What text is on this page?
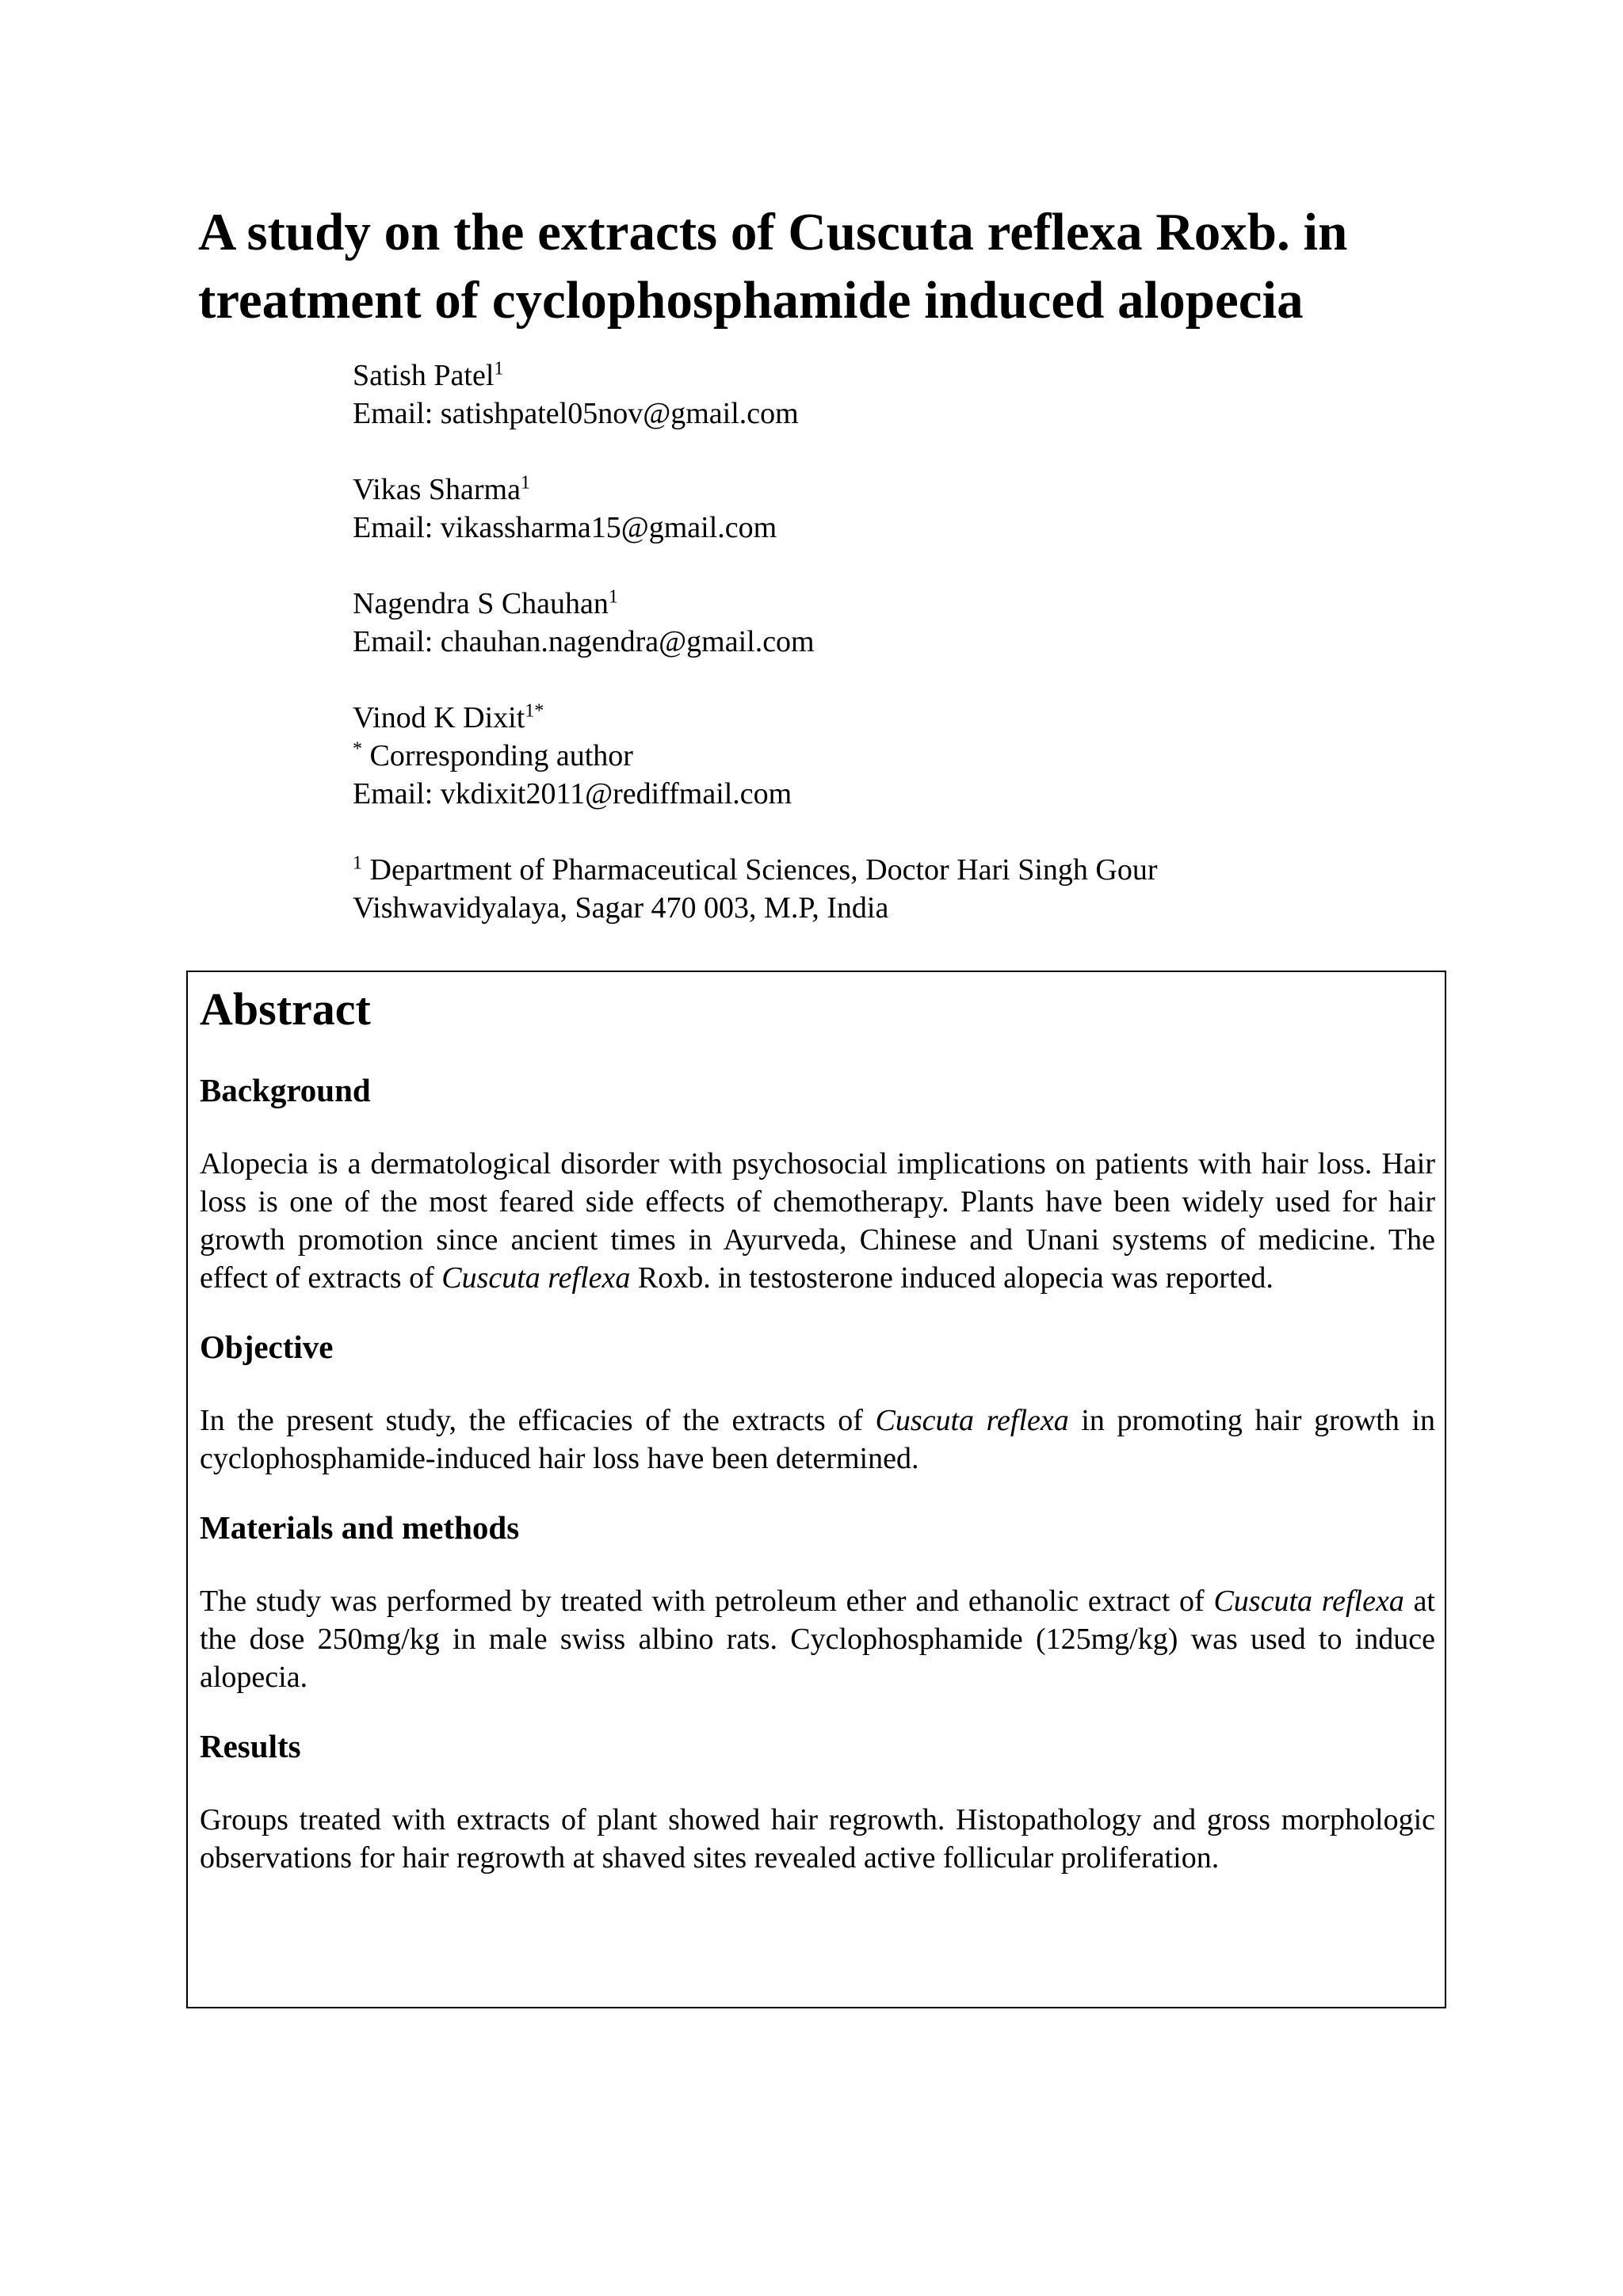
A study on the extracts of Cuscuta reflexa Roxb. in
treatment of cyclophosphamide induced alopecia
Satish Patel$^1$
Email: satishpatel05nov@gmail.com
Vikas Sharma$^1$
Email: vikassharma15@gmail.com
Nagendra S Chauhan$^1$
Email: chauhan.nagendra@gmail.com
Vinod K Dixit$^{1*}$
* Corresponding author
Email: vkdixit2011@rediffmail.com
$^1$ Department of Pharmaceutical Sciences, Doctor Hari Singh Gour
Vishwavidyalaya, Sagar 470 003, M.P, India
Abstract
Background

Alopecia is a dermatological disorder with psychosocial implications on patients with hair loss. Hair loss is one of the most feared side effects of chemotherapy. Plants have been widely used for hair growth promotion since ancient times in Ayurveda, Chinese and Unani systems of medicine. The effect of extracts of Cuscuta reflexa Roxb. in testosterone induced alopecia was reported.

Objective

In the present study, the efficacies of the extracts of Cuscuta reflexa in promoting hair growth in cyclophosphamide-induced hair loss have been determined.

Materials and methods

The study was performed by treated with petroleum ether and ethanolic extract of Cuscuta reflexa at the dose 250mg/kg in male swiss albino rats. Cyclophosphamide (125mg/kg) was used to induce alopecia.

Results

Groups treated with extracts of plant showed hair regrowth. Histopathology and gross morphologic observations for hair regrowth at shaved sites revealed active follicular proliferation.
